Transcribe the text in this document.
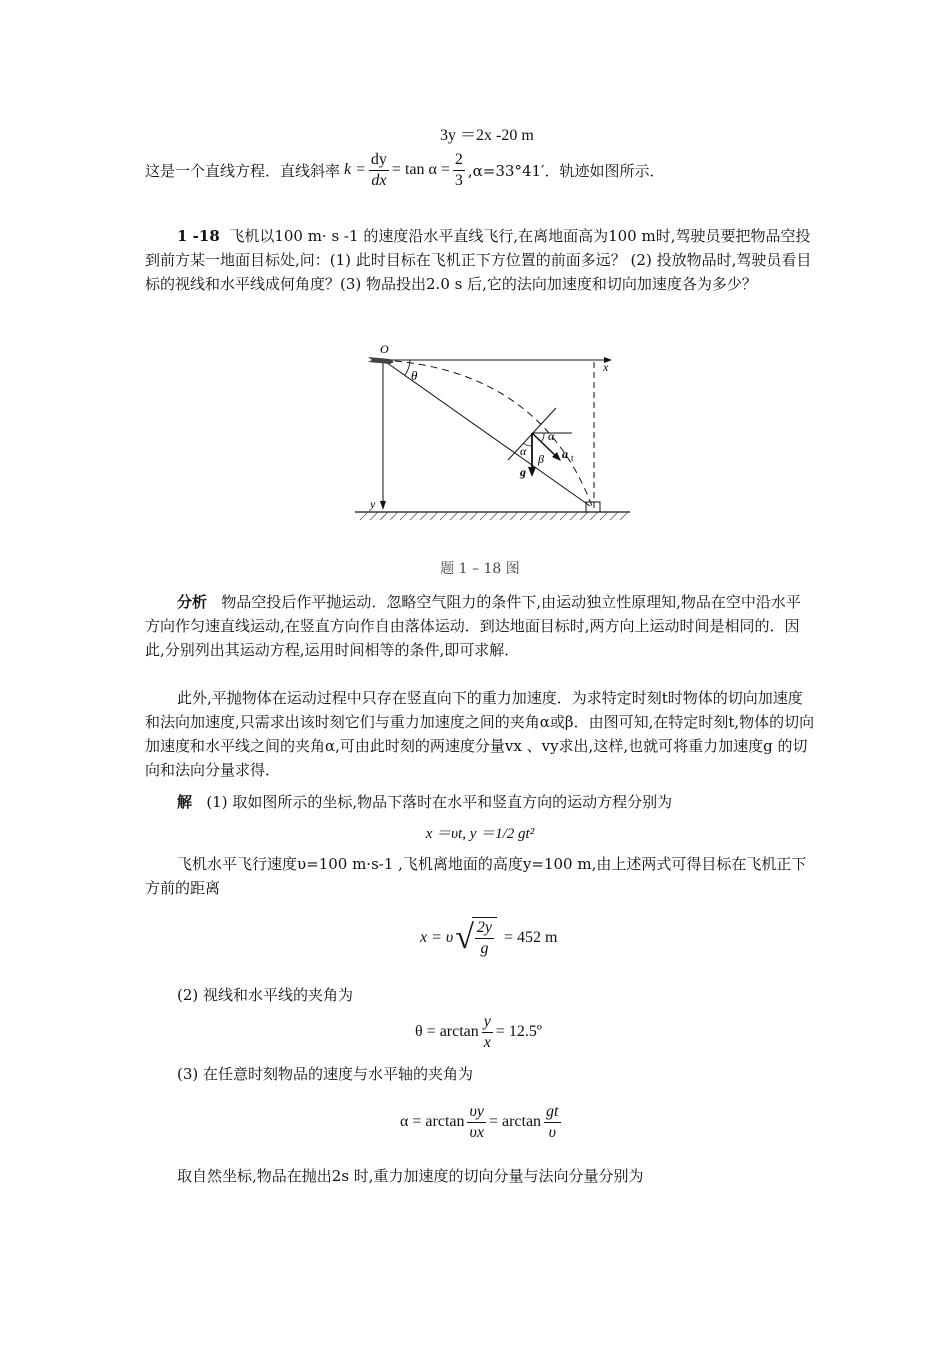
3y ＝2x -20 m
这是一个直线方程．直线斜率 $k = \frac{dy}{dx} = \tan \alpha = \frac{2}{3} ,\alpha=33^\circ 41'$．轨迹如图所示．
1 -18 飞机以100 m· s -1 的速度沿水平直线飞行,在离地面高为100 m时,驾驶员要把物品空投到前方某一地面目标处,问：(1) 此时目标在飞机正下方位置的前面多远？ (2) 投放物品时,驾驶员看目标的视线和水平线成何角度？(3) 物品投出2.0 s 后,它的法向加速度和切向加速度各为多少？
θ
α
α
β
g
a t
O
x
y
题 1 – 18 图
分析 物品空投后作平抛运动．忽略空气阻力的条件下,由运动独立性原理知,物品在空中沿水平方向作匀速直线运动,在竖直方向作自由落体运动．到达地面目标时,两方向上运动时间是相同的．因此,分别列出其运动方程,运用时间相等的条件,即可求解．
此外,平抛物体在运动过程中只存在竖直向下的重力加速度．为求特定时刻t时物体的切向加速度和法向加速度,只需求出该时刻它们与重力加速度之间的夹角α或β．由图可知,在特定时刻t,物体的切向加速度和水平线之间的夹角α,可由此时刻的两速度分量vx 、vy求出,这样,也就可将重力加速度g 的切向和法向分量求得．
解 (1) 取如图所示的坐标,物品下落时在水平和竖直方向的运动方程分别为
x ＝υt, y ＝1/2 gt²
飞机水平飞行速度υ=100 m·s-1 ,飞机离地面的高度y=100 m,由上述两式可得目标在飞机正下方前的距离
x = υ √
$\frac{2y}{g} = 452$ m
(2) 视线和水平线的夹角为
$\theta = \arctan \frac{y}{x}$ = 12.5º
(3) 在任意时刻物品的速度与水平轴的夹角为
$\alpha = \arctan \frac{\upsilon y}{\upsilon x} = \arctan \frac{gt}{\upsilon}$
取自然坐标,物品在抛出2s 时,重力加速度的切向分量与法向分量分别为
